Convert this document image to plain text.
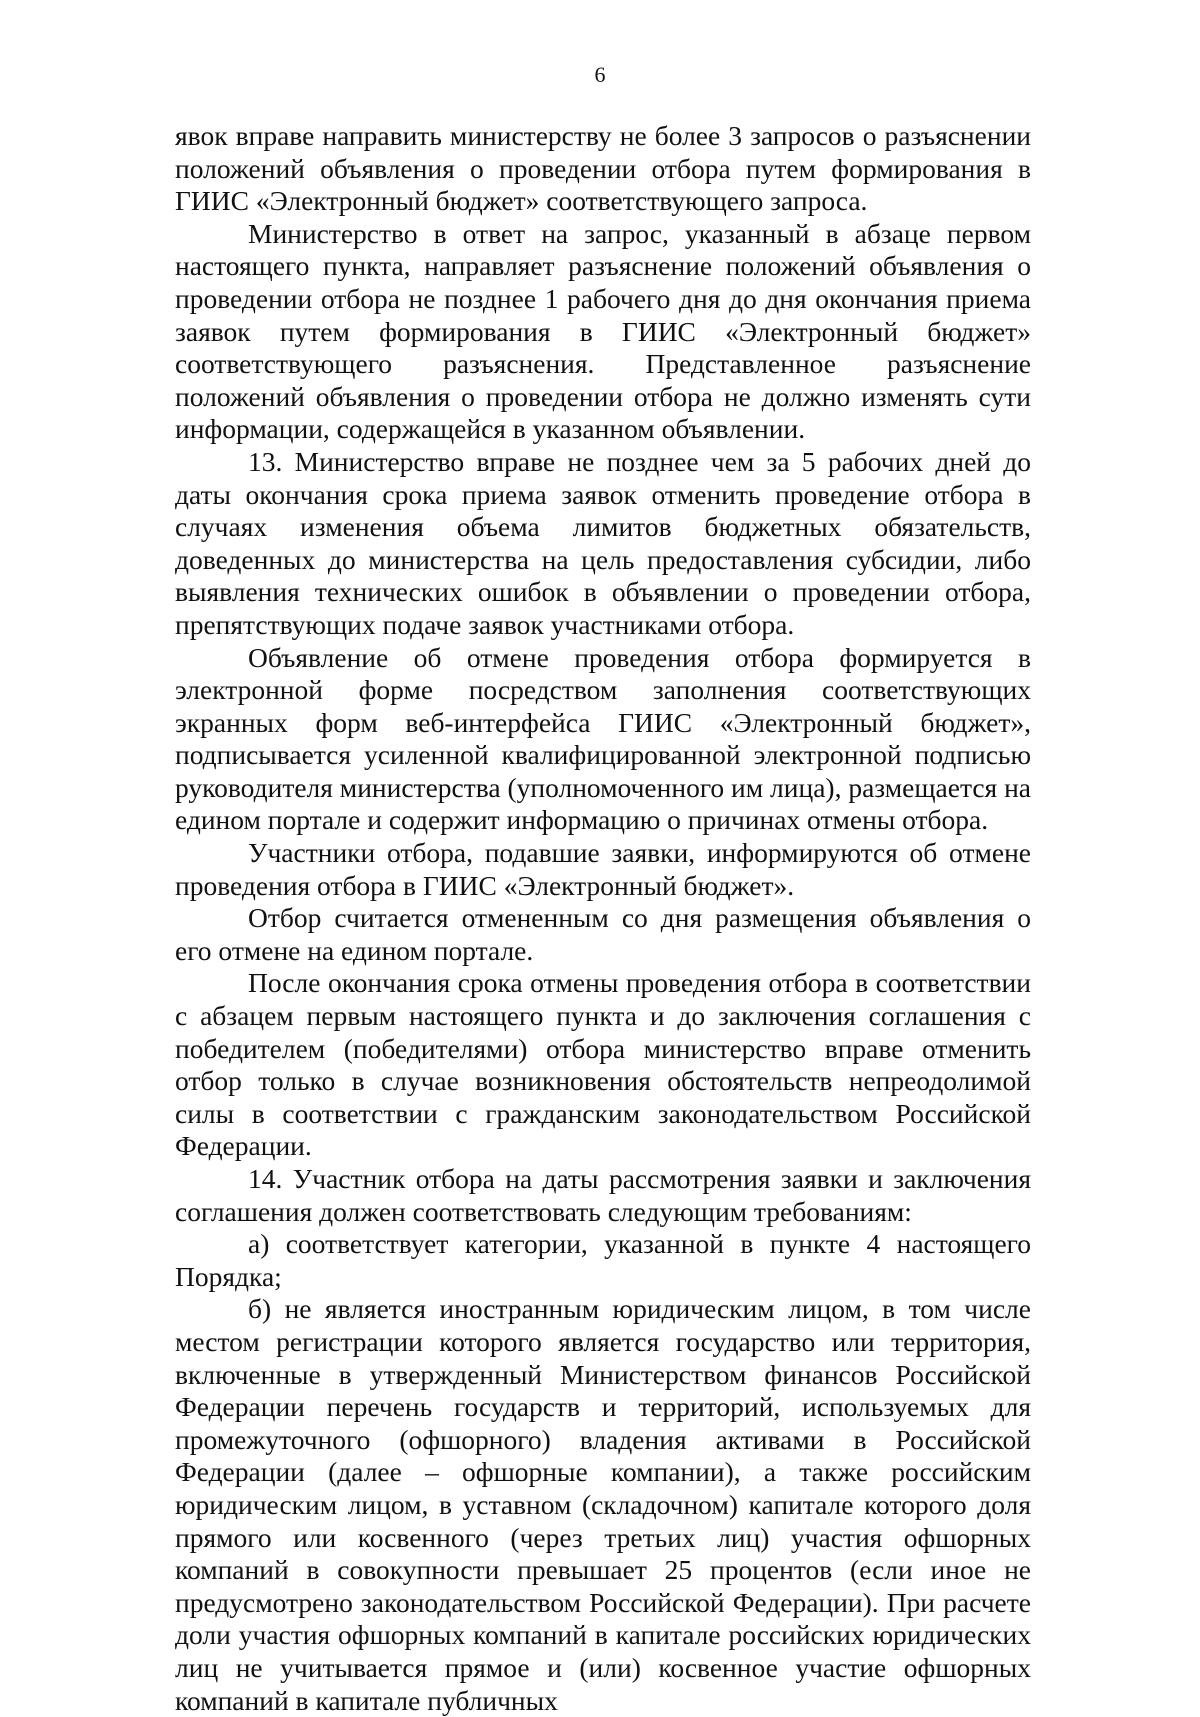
6

явок вправе направить министерству не более 3 запросов о разъяснении положений объявления о проведении отбора путем формирования в ГИИС «Электронный бюджет» соответствующего запроса.

Министерство в ответ на запрос, указанный в абзаце первом настоящего пункта, направляет разъяснение положений объявления о проведении отбора не позднее 1 рабочего дня до дня окончания приема заявок путем формирования в ГИИС «Электронный бюджет» соответствующего разъяснения. Представленное разъяснение положений объявления о проведении отбора не должно изменять сути информации, содержащейся в указанном объявлении.

13. Министерство вправе не позднее чем за 5 рабочих дней до даты окончания срока приема заявок отменить проведение отбора в случаях изменения объема лимитов бюджетных обязательств, доведенных до министерства на цель предоставления субсидии, либо выявления технических ошибок в объявлении о проведении отбора, препятствующих подаче заявок участниками отбора.

Объявление об отмене проведения отбора формируется в электронной форме посредством заполнения соответствующих экранных форм веб-интерфейса ГИИС «Электронный бюджет», подписывается усиленной квалифицированной электронной подписью руководителя министерства (уполномоченного им лица), размещается на едином портале и содержит информацию о причинах отмены отбора.

Участники отбора, подавшие заявки, информируются об отмене проведения отбора в ГИИС «Электронный бюджет».

Отбор считается отмененным со дня размещения объявления о его отмене на едином портале.

После окончания срока отмены проведения отбора в соответствии с абзацем первым настоящего пункта и до заключения соглашения с победителем (победителями) отбора министерство вправе отменить отбор только в случае возникновения обстоятельств непреодолимой силы в соответствии с гражданским законодательством Российской Федерации.

14. Участник отбора на даты рассмотрения заявки и заключения соглашения должен соответствовать следующим требованиям:

а) соответствует категории, указанной в пункте 4 настоящего Порядка;

б) не является иностранным юридическим лицом, в том числе местом регистрации которого является государство или территория, включенные в утвержденный Министерством финансов Российской Федерации перечень государств и территорий, используемых для промежуточного (офшорного) владения активами в Российской Федерации (далее – офшорные компании), а также российским юридическим лицом, в уставном (складочном) капитале которого доля прямого или косвенного (через третьих лиц) участия офшорных компаний в совокупности превышает 25 процентов (если иное не предусмотрено законодательством Российской Федерации). При расчете доли участия офшорных компаний в капитале российских юридических лиц не учитывается прямое и (или) косвенное участие офшорных компаний в капитале публичных
